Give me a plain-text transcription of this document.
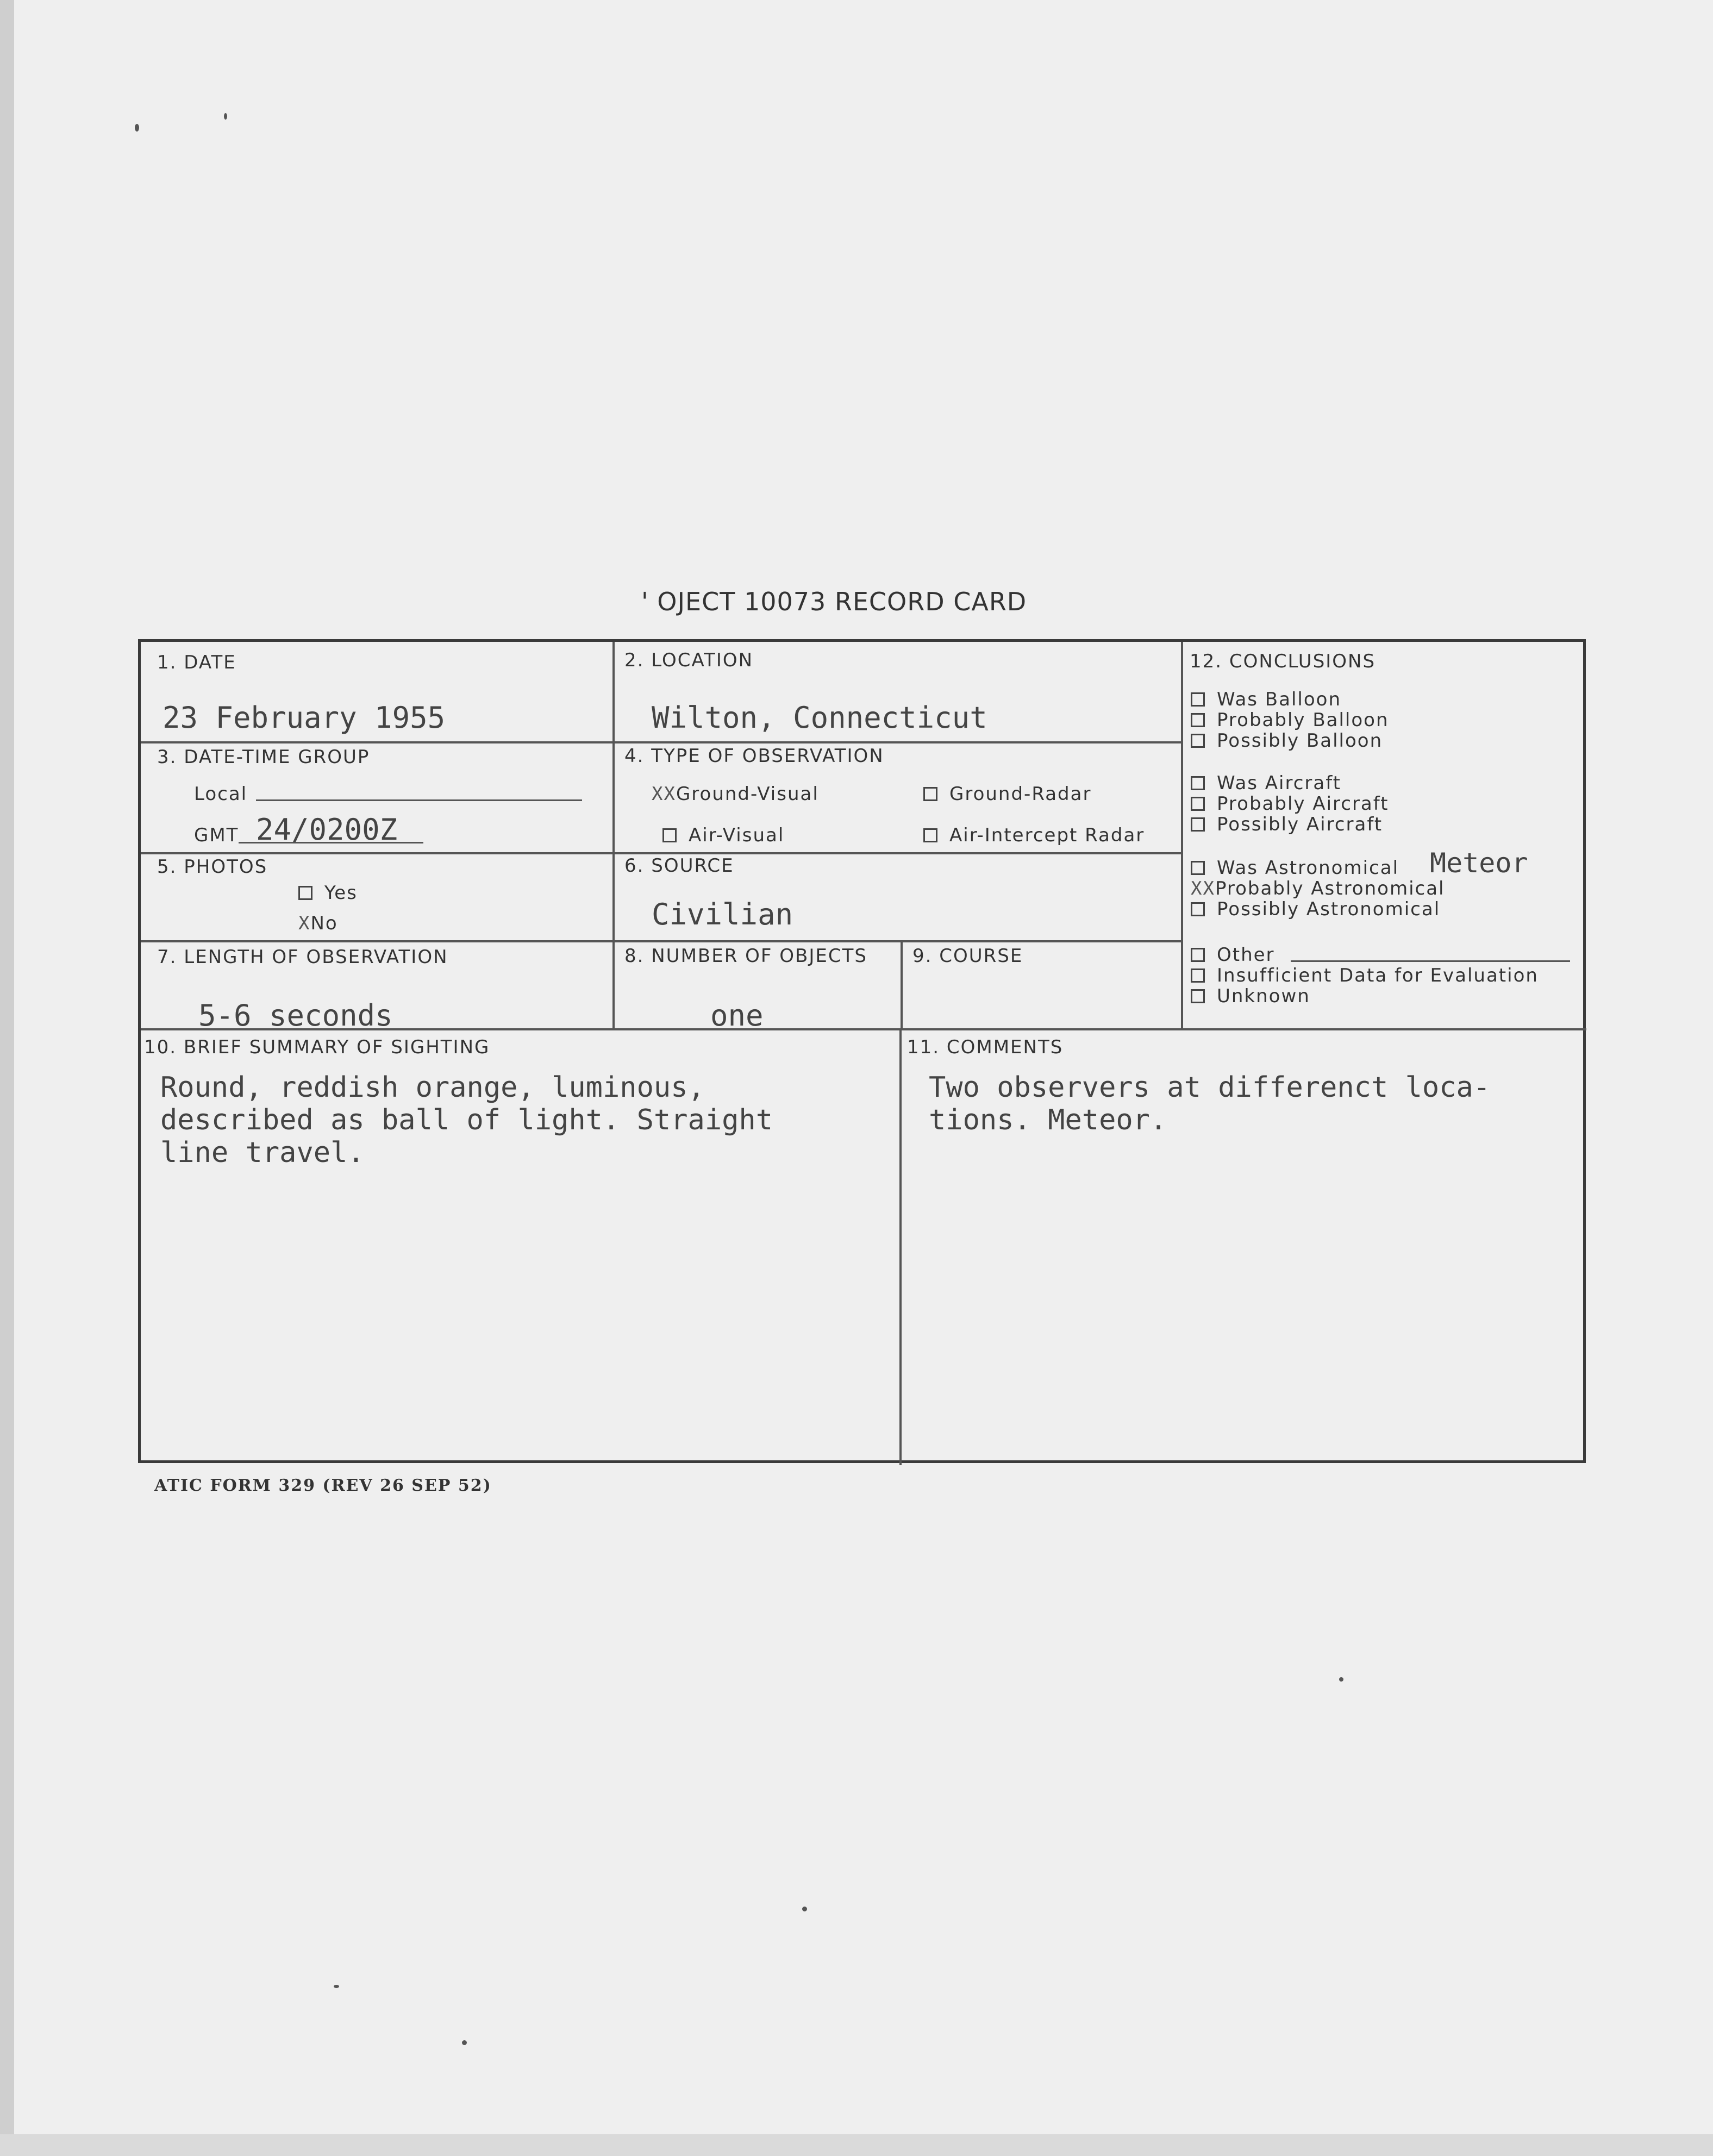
ꞌ OJECT 10073 RECORD CARD
1. DATE
23 February 1955
2. LOCATION
Wilton, Connecticut
3. DATE-TIME GROUP
Local
GMT 24/0200Z
4. TYPE OF OBSERVATION
XXGround-Visual	Ground-Radar
Air-Visual	Air-Intercept Radar
5. PHOTOS
Yes
XNo
6. SOURCE
Civilian
7. LENGTH OF OBSERVATION
5-6 seconds
8. NUMBER OF OBJECTS
one
9. COURSE
10. BRIEF SUMMARY OF SIGHTING
Round, reddish orange, luminous,
described as ball of light. Straight
line travel.
11. COMMENTS
Two observers at differenct loca-
tions. Meteor.
12. CONCLUSIONS
Was Balloon
Probably Balloon
Possibly Balloon
Was Aircraft
Probably Aircraft
Possibly Aircraft
Was Astronomical Meteor
XXProbably Astronomical
Possibly Astronomical
Other
Insufficient Data for Evaluation
Unknown
ATIC FORM 329 (REV 26 SEP 52)
